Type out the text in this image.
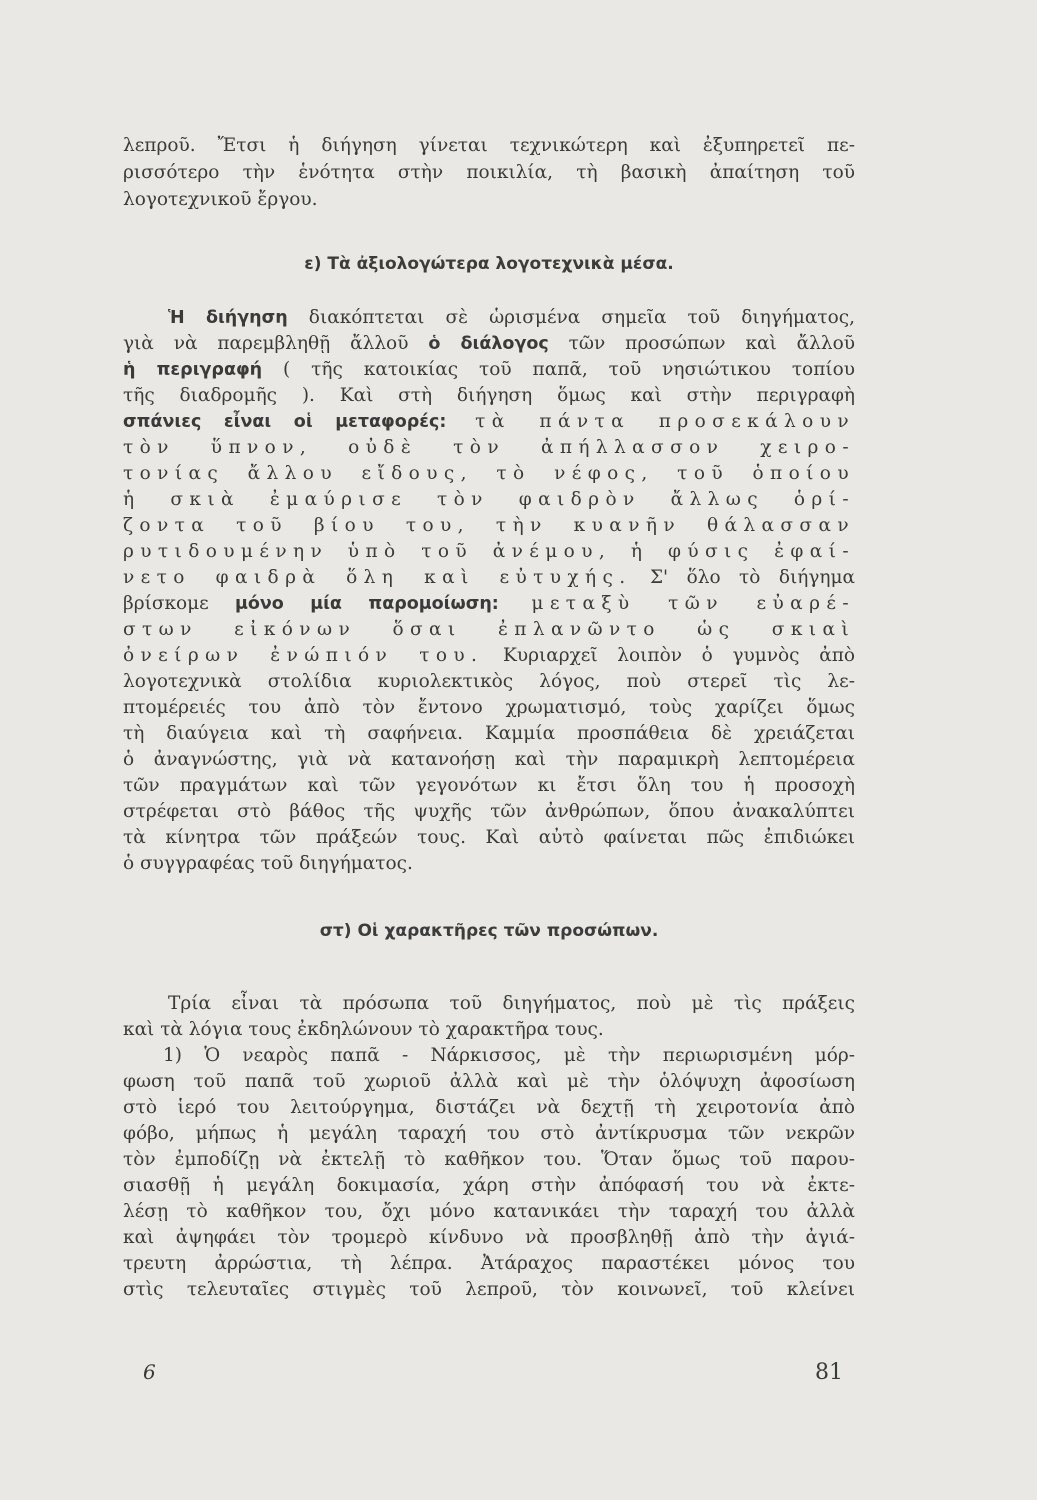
λεπροῦ. Ἔτσι ἡ διήγηση γίνεται τεχνικώτερη καὶ ἐξυπηρετεῖ πε-
ρισσότερο τὴν ἑνότητα στὴν ποικιλία, τὴ βασικὴ ἀπαίτηση τοῦ
λογοτεχνικοῦ ἔργου.
ε) Τὰ ἀξιολογώτερα λογοτεχνικὰ μέσα.
Ἡ διήγηση διακόπτεται σὲ ὡρισμένα σημεῖα τοῦ διηγήματος,
γιὰ νὰ παρεμβληθῇ ἄλλοῦ ὁ διάλογος τῶν προσώπων καὶ ἄλλοῦ
ἡ περιγραφή ( τῆς κατοικίας τοῦ παπᾶ, τοῦ νησιώτικου τοπίου
τῆς διαδρομῆς ). Καὶ στὴ διήγηση ὅμως καὶ στὴν περιγραφὴ
σπάνιες εἶναι οἱ μεταφορές: τὰ πάντα προσεκάλουν
τὸν ὕπνον, οὐδὲ τὸν ἀπήλλασσον χειρο-
τονίας ἄλλου εἴδους, τὸ νέφος, τοῦ ὁποίου
ἡ σκιὰ ἐμαύρισε τὸν φαιδρὸν ἄλλως ὁρί-
ζοντα τοῦ βίου του, τὴν κυανῆν θάλασσαν
ρυτιδουμένην ὑπὸ τοῦ ἀνέμου, ἡ φύσις ἐφαί-
νετο φαιδρὰ ὅλη καὶ εὐτυχής. Σ' ὅλο τὸ διήγημα
βρίσκομε μόνο μία παρομοίωση: μεταξὺ τῶν εὐαρέ-
στων εἰκόνων ὅσαι ἐπλανῶντο ὡς σκιαὶ
ὀνείρων ἐνώπιόν του. Κυριαρχεῖ λοιπὸν ὁ γυμνὸς ἀπὸ
λογοτεχνικὰ στολίδια κυριολεκτικὸς λόγος, ποὺ στερεῖ τὶς λε-
πτομέρειές του ἀπὸ τὸν ἔντονο χρωματισμό, τοὺς χαρίζει ὅμως
τὴ διαύγεια καὶ τὴ σαφήνεια. Καμμία προσπάθεια δὲ χρειάζεται
ὁ ἀναγνώστης, γιὰ νὰ κατανοήσῃ καὶ τὴν παραμικρὴ λεπτομέρεια
τῶν πραγμάτων καὶ τῶν γεγονότων κι ἔτσι ὅλη του ἡ προσοχὴ
στρέφεται στὸ βάθος τῆς ψυχῆς τῶν ἀνθρώπων, ὅπου ἀνακαλύπτει
τὰ κίνητρα τῶν πράξεών τους. Καὶ αὐτὸ φαίνεται πῶς ἐπιδιώκει
ὁ συγγραφέας τοῦ διηγήματος.
στ) Οἱ χαρακτῆρες τῶν προσώπων.
Τρία εἶναι τὰ πρόσωπα τοῦ διηγήματος, ποὺ μὲ τὶς πράξεις
καὶ τὰ λόγια τους ἐκδηλώνουν τὸ χαρακτῆρα τους.
1) Ὁ νεαρὸς παπᾶ - Νάρκισσος, μὲ τὴν περιωρισμένη μόρ-
φωση τοῦ παπᾶ τοῦ χωριοῦ ἀλλὰ καὶ μὲ τὴν ὁλόψυχη ἀφοσίωση
στὸ ἱερό του λειτούργημα, διστάζει νὰ δεχτῇ τὴ χειροτονία ἀπὸ
φόβο, μήπως ἡ μεγάλη ταραχή του στὸ ἀντίκρυσμα τῶν νεκρῶν
τὸν ἐμποδίζῃ νὰ ἐκτελῇ τὸ καθῆκον του. Ὅταν ὅμως τοῦ παρου-
σιασθῇ ἡ μεγάλη δοκιμασία, χάρη στὴν ἀπόφασή του νὰ ἐκτε-
λέσῃ τὸ καθῆκον του, ὄχι μόνο κατανικάει τὴν ταραχή του ἀλλὰ
καὶ ἀψηφάει τὸν τρομερὸ κίνδυνο νὰ προσβληθῇ ἀπὸ τὴν ἀγιά-
τρευτη ἀρρώστια, τὴ λέπρα. Ἀτάραχος παραστέκει μόνος του
στὶς τελευταῖες στιγμὲς τοῦ λεπροῦ, τὸν κοινωνεῖ, τοῦ κλείνει
6	81
